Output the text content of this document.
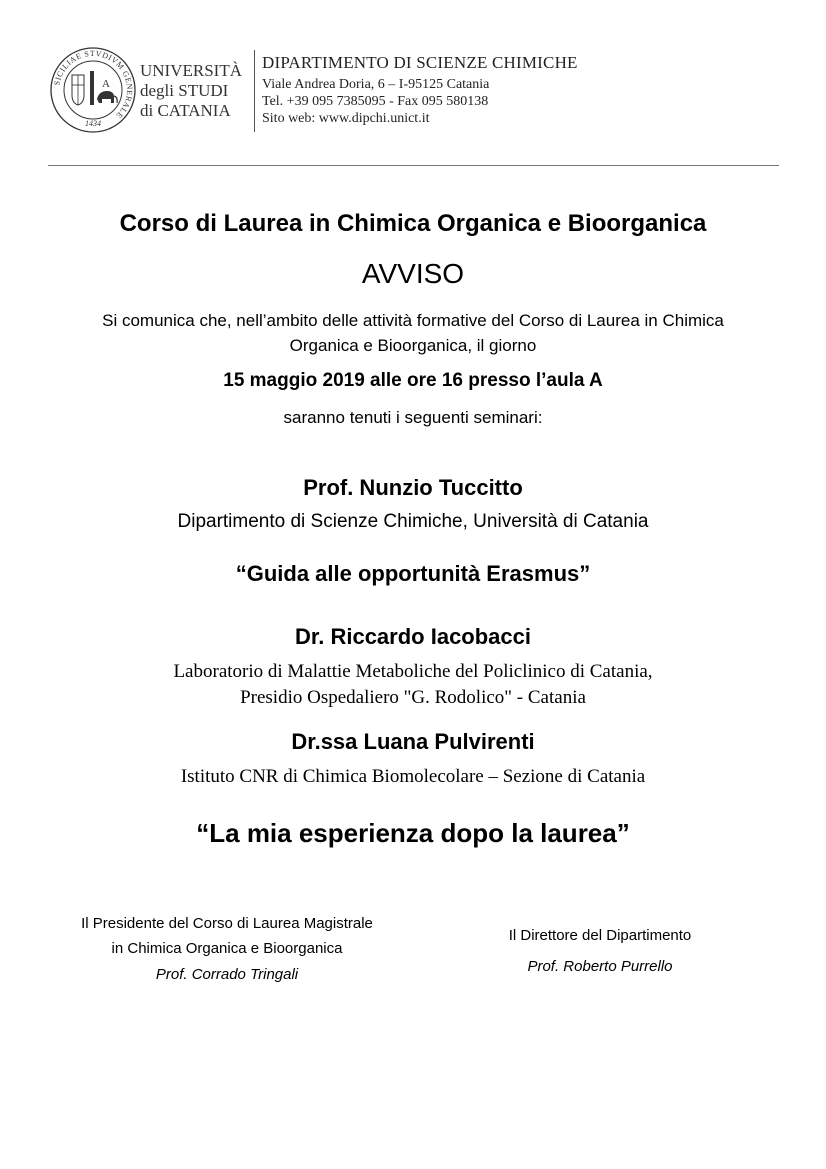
SICILIAE STVDIVM GENERALE
A
1434
UNIVERSITÀ
degli STUDI
di CATANIA
DIPARTIMENTO DI SCIENZE CHIMICHE
Viale Andrea Doria, 6 – I-95125 Catania
Tel. +39 095 7385095 - Fax 095 580138
Sito web: www.dipchi.unict.it
Corso di Laurea in Chimica Organica e Bioorganica
AVVISO
Si comunica che, nell’ambito delle attività formative del Corso di Laurea in Chimica
Organica e Bioorganica, il giorno
15 maggio 2019 alle ore 16 presso l’aula A
saranno tenuti i seguenti seminari:
Prof. Nunzio Tuccitto
Dipartimento di Scienze Chimiche, Università di Catania
“Guida alle opportunità Erasmus”
Dr. Riccardo Iacobacci
Laboratorio di Malattie Metaboliche del Policlinico di Catania,
Presidio Ospedaliero "G. Rodolico" - Catania
Dr.ssa Luana Pulvirenti
Istituto CNR di Chimica Biomolecolare – Sezione di Catania
“La mia esperienza dopo la laurea”
Il Presidente del Corso di Laurea Magistrale
in Chimica Organica e Bioorganica
Prof. Corrado Tringali
Il Direttore del Dipartimento
Prof. Roberto Purrello
